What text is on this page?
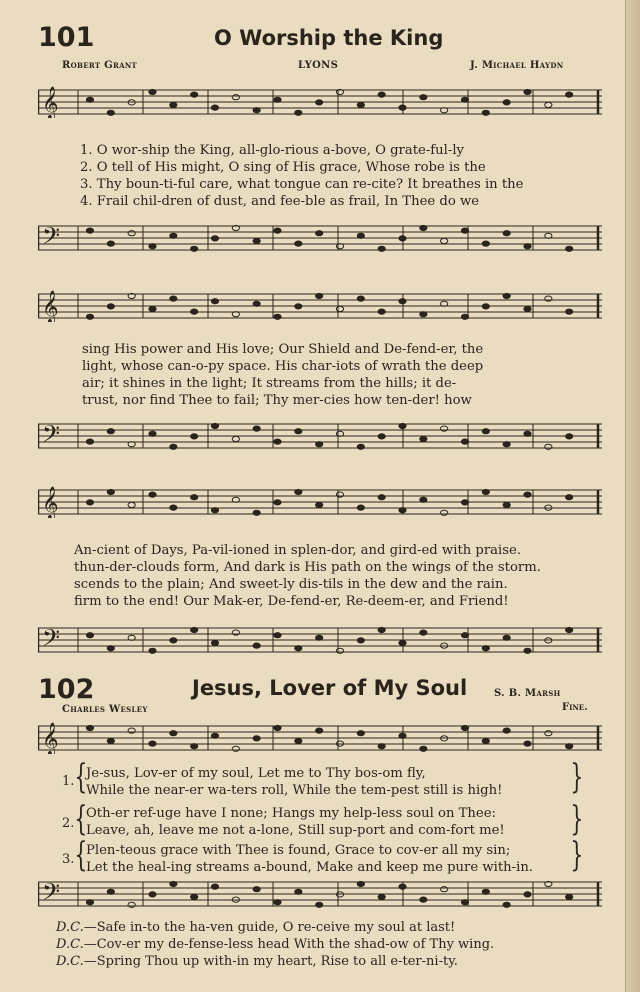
101	O Worship the King
Robert Grant	LYONS	J. Michael Haydn
𝄞
1. O wor-ship the King, all-glo-rious a-bove, O grate-ful-ly
2. O tell of His might, O sing of His grace, Whose robe is the
3. Thy boun-ti-ful care, what tongue can re-cite? It breathes in the
4. Frail chil-dren of dust, and fee-ble as frail, In Thee do we
𝄢
𝄞
sing His power and His love; Our Shield and De-fend-er, the
light, whose can-o-py space. His char-iots of wrath the deep
air; it shines in the light; It streams from the hills; it de-
trust, nor find Thee to fail; Thy mer-cies how ten-der! how
𝄢
𝄞
An-cient of Days, Pa-vil-ioned in splen-dor, and gird-ed with praise.
thun-der-clouds form, And dark is His path on the wings of the storm.
scends to the plain; And sweet-ly dis-tils in the dew and the rain.
firm to the end! Our Mak-er, De-fend-er, Re-deem-er, and Friend!
𝄢
102	Jesus, Lover of My Soul	S. B. Marsh
Charles Wesley	Fine.
𝄞
1. {	}
Je-sus, Lov-er of my soul, Let me to Thy bos-om fly,
While the near-er wa-ters roll, While the tem-pest still is high!
2. {	}
Oth-er ref-uge have I none; Hangs my help-less soul on Thee:
Leave, ah, leave me not a-lone, Still sup-port and com-fort me!
3. {	}
Plen-teous grace with Thee is found, Grace to cov-er all my sin;
Let the heal-ing streams a-bound, Make and keep me pure with-in.
𝄢
D.C.—Safe in-to the ha-ven guide, O re-ceive my soul at last!
D.C.—Cov-er my de-fense-less head With the shad-ow of Thy wing.
D.C.—Spring Thou up with-in my heart, Rise to all e-ter-ni-ty.
